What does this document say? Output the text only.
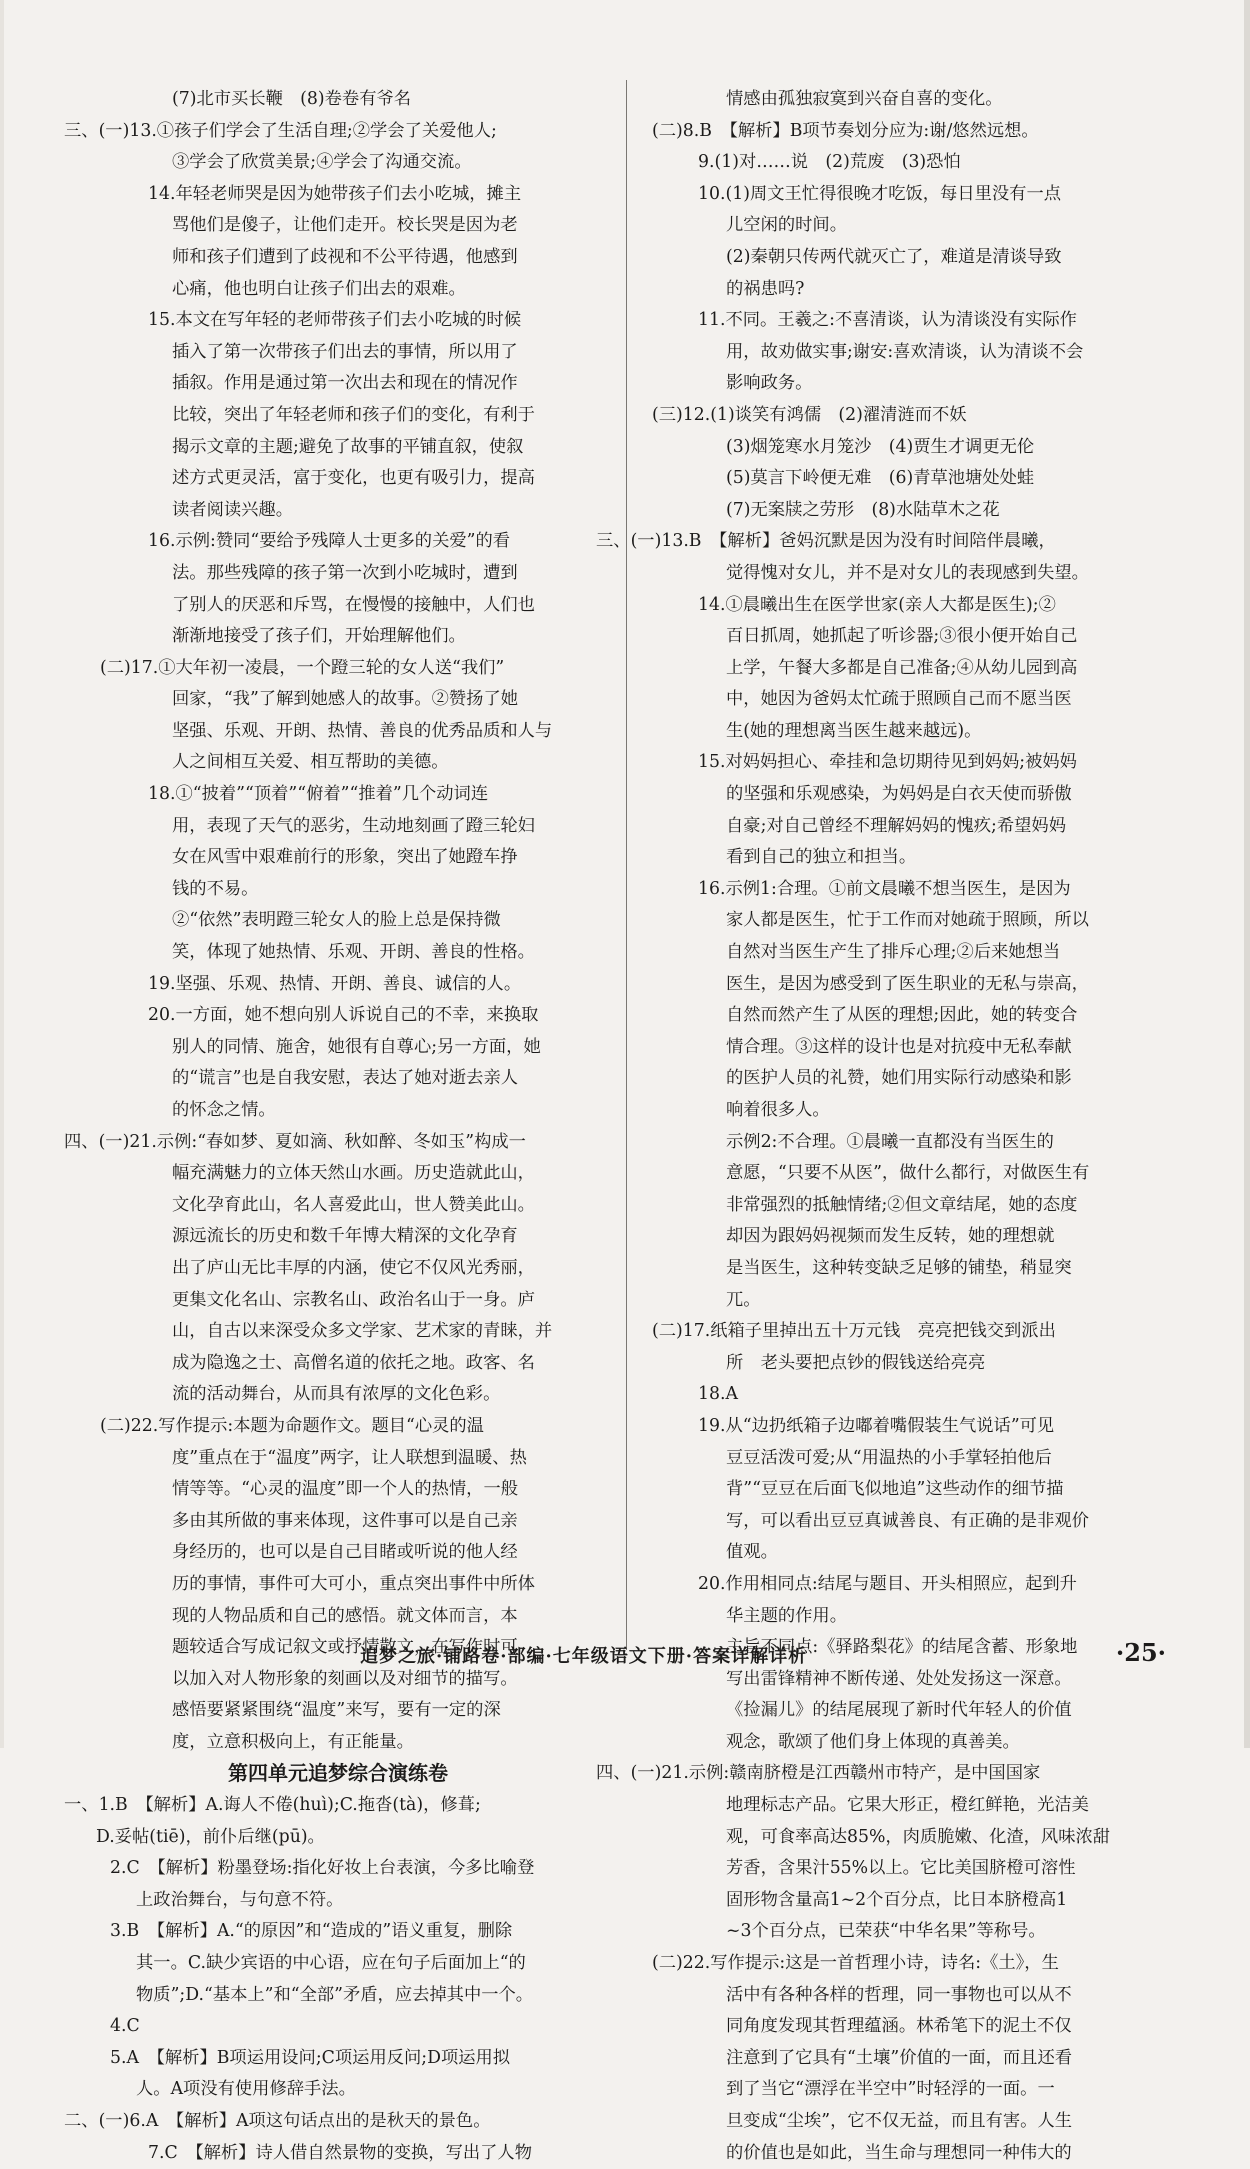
(7)北市买长鞭　(8)卷卷有爷名
三、(一)13.①孩子们学会了生活自理;②学会了关爱他人;
③学会了欣赏美景;④学会了沟通交流。
14.年轻老师哭是因为她带孩子们去小吃城，摊主
骂他们是傻子，让他们走开。校长哭是因为老
师和孩子们遭到了歧视和不公平待遇，他感到
心痛，他也明白让孩子们出去的艰难。
15.本文在写年轻的老师带孩子们去小吃城的时候
插入了第一次带孩子们出去的事情，所以用了
插叙。作用是通过第一次出去和现在的情况作
比较，突出了年轻老师和孩子们的变化，有利于
揭示文章的主题;避免了故事的平铺直叙，使叙
述方式更灵活，富于变化，也更有吸引力，提高
读者阅读兴趣。
16.示例:赞同“要给予残障人士更多的关爱”的看
法。那些残障的孩子第一次到小吃城时，遭到
了别人的厌恶和斥骂，在慢慢的接触中，人们也
渐渐地接受了孩子们，开始理解他们。
(二)17.①大年初一凌晨，一个蹬三轮的女人送“我们”
回家，“我”了解到她感人的故事。②赞扬了她
坚强、乐观、开朗、热情、善良的优秀品质和人与
人之间相互关爱、相互帮助的美德。
18.①“披着”“顶着”“俯着”“推着”几个动词连
用，表现了天气的恶劣，生动地刻画了蹬三轮妇
女在风雪中艰难前行的形象，突出了她蹬车挣
钱的不易。
②“依然”表明蹬三轮女人的脸上总是保持微
笑，体现了她热情、乐观、开朗、善良的性格。
19.坚强、乐观、热情、开朗、善良、诚信的人。
20.一方面，她不想向别人诉说自己的不幸，来换取
别人的同情、施舍，她很有自尊心;另一方面，她
的“谎言”也是自我安慰，表达了她对逝去亲人
的怀念之情。
四、(一)21.示例:“春如梦、夏如滴、秋如醉、冬如玉”构成一
幅充满魅力的立体天然山水画。历史造就此山，
文化孕育此山，名人喜爱此山，世人赞美此山。
源远流长的历史和数千年博大精深的文化孕育
出了庐山无比丰厚的内涵，使它不仅风光秀丽，
更集文化名山、宗教名山、政治名山于一身。庐
山，自古以来深受众多文学家、艺术家的青睐，并
成为隐逸之士、高僧名道的依托之地。政客、名
流的活动舞台，从而具有浓厚的文化色彩。
(二)22.写作提示:本题为命题作文。题目“心灵的温
度”重点在于“温度”两字，让人联想到温暖、热
情等等。“心灵的温度”即一个人的热情，一般
多由其所做的事来体现，这件事可以是自己亲
身经历的，也可以是自己目睹或听说的他人经
历的事情，事件可大可小，重点突出事件中所体
现的人物品质和自己的感悟。就文体而言，本
题较适合写成记叙文或抒情散文，在写作时可
以加入对人物形象的刻画以及对细节的描写。
感悟要紧紧围绕“温度”来写，要有一定的深
度，立意积极向上，有正能量。
第四单元追梦综合演练卷
一、1.B　【解析】A.诲人不倦(huì);C.拖沓(tà)，修葺;
D.妥帖(tiē)，前仆后继(pū)。
2.C　【解析】粉墨登场:指化好妆上台表演，今多比喻登
上政治舞台，与句意不符。
3.B　【解析】A.“的原因”和“造成的”语义重复，删除
其一。C.缺少宾语的中心语，应在句子后面加上“的
物质”;D.“基本上”和“全部”矛盾，应去掉其中一个。
4.C
5.A　【解析】B项运用设问;C项运用反问;D项运用拟
人。A项没有使用修辞手法。
二、(一)6.A　【解析】A项这句话点出的是秋天的景色。
7.C　【解析】诗人借自然景物的变换，写出了人物
情感由孤独寂寞到兴奋自喜的变化。
(二)8.B　【解析】B项节奏划分应为:谢/悠然远想。
9.(1)对……说　(2)荒废　(3)恐怕
10.(1)周文王忙得很晚才吃饭，每日里没有一点
儿空闲的时间。
(2)秦朝只传两代就灭亡了，难道是清谈导致
的祸患吗?
11.不同。王羲之:不喜清谈，认为清谈没有实际作
用，故劝做实事;谢安:喜欢清谈，认为清谈不会
影响政务。
(三)12.(1)谈笑有鸿儒　(2)濯清涟而不妖
(3)烟笼寒水月笼沙　(4)贾生才调更无伦
(5)莫言下岭便无难　(6)青草池塘处处蛙
(7)无案牍之劳形　(8)水陆草木之花
三、(一)13.B　【解析】爸妈沉默是因为没有时间陪伴晨曦，
觉得愧对女儿，并不是对女儿的表现感到失望。
14.①晨曦出生在医学世家(亲人大都是医生);②
百日抓周，她抓起了听诊器;③很小便开始自己
上学，午餐大多都是自己准备;④从幼儿园到高
中，她因为爸妈太忙疏于照顾自己而不愿当医
生(她的理想离当医生越来越远)。
15.对妈妈担心、牵挂和急切期待见到妈妈;被妈妈
的坚强和乐观感染，为妈妈是白衣天使而骄傲
自豪;对自己曾经不理解妈妈的愧疚;希望妈妈
看到自己的独立和担当。
16.示例1:合理。①前文晨曦不想当医生，是因为
家人都是医生，忙于工作而对她疏于照顾，所以
自然对当医生产生了排斥心理;②后来她想当
医生，是因为感受到了医生职业的无私与崇高，
自然而然产生了从医的理想;因此，她的转变合
情合理。③这样的设计也是对抗疫中无私奉献
的医护人员的礼赞，她们用实际行动感染和影
响着很多人。
示例2:不合理。①晨曦一直都没有当医生的
意愿，“只要不从医”，做什么都行，对做医生有
非常强烈的抵触情绪;②但文章结尾，她的态度
却因为跟妈妈视频而发生反转，她的理想就
是当医生，这种转变缺乏足够的铺垫，稍显突
兀。
(二)17.纸箱子里掉出五十万元钱　亮亮把钱交到派出
所　老头要把点钞的假钱送给亮亮
18.A
19.从“边扔纸箱子边嘟着嘴假装生气说话”可见
豆豆活泼可爱;从“用温热的小手掌轻拍他后
背”“豆豆在后面飞似地追”这些动作的细节描
写，可以看出豆豆真诚善良、有正确的是非观价
值观。
20.作用相同点:结尾与题目、开头相照应，起到升
华主题的作用。
主旨不同点:《驿路梨花》的结尾含蓄、形象地
写出雷锋精神不断传递、处处发扬这一深意。
《捡漏儿》的结尾展现了新时代年轻人的价值
观念，歌颂了他们身上体现的真善美。
四、(一)21.示例:赣南脐橙是江西赣州市特产，是中国国家
地理标志产品。它果大形正，橙红鲜艳，光洁美
观，可食率高达85%，肉质脆嫩、化渣，风味浓甜
芳香，含果汁55%以上。它比美国脐橙可溶性
固形物含量高1~2个百分点，比日本脐橙高1
~3个百分点，已荣获“中华名果”等称号。
(二)22.写作提示:这是一首哲理小诗，诗名:《土》，生
活中有各种各样的哲理，同一事物也可以从不
同角度发现其哲理蕴涵。林希笔下的泥土不仅
注意到了它具有“土壤”价值的一面，而且还看
到了当它“漂浮在半空中”时轻浮的一面。一
旦变成“尘埃”，它不仅无益，而且有害。人生
的价值也是如此，当生命与理想同一种伟大的
追梦之旅·铺路卷·部编·七年级语文下册·答案详解详析	·25·
